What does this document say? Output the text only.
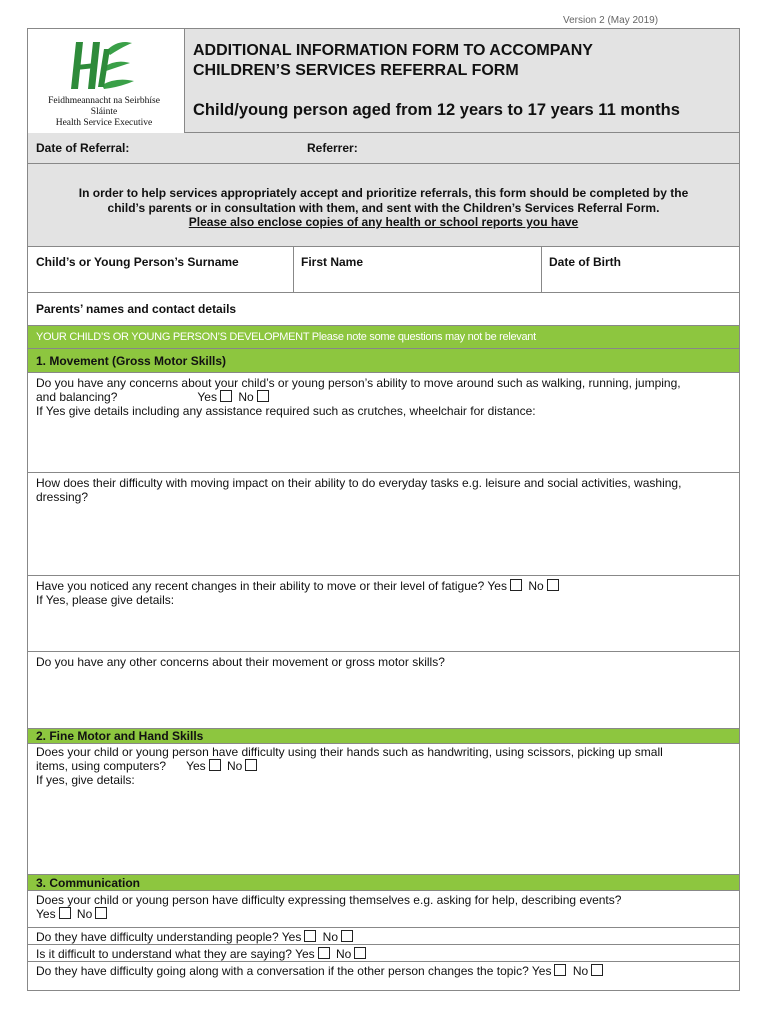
Version 2 (May 2019)
Feidhmeannacht na Seirbhíse Sláinte
Health Service Executive
ADDITIONAL INFORMATION FORM TO ACCOMPANY
CHILDREN’S SERVICES REFERRAL FORM
Child/young person aged from 12 years to 17 years 11 months
Date of Referral:	Referrer:
In order to help services appropriately accept and prioritize referrals, this form should be completed by the
child’s parents or in consultation with them, and sent with the Children’s Services Referral Form.
Please also enclose copies of any health or school reports you have
Child’s or Young Person’s Surname	First Name	Date of Birth
Parents’ names and contact details
YOUR CHILD’S OR YOUNG PERSON’S DEVELOPMENT Please note some questions may not be relevant
1. Movement (Gross Motor Skills)
Do you have any concerns about your child’s or young person’s ability to move around such as walking, running, jumping,
and balancing?	Yes No
If Yes give details including any assistance required such as crutches, wheelchair for distance:
How does their difficulty with moving impact on their ability to do everyday tasks e.g. leisure and social activities, washing,
dressing?
Have you noticed any recent changes in their ability to move or their level of fatigue? Yes No
If Yes, please give details:
Do you have any other concerns about their movement or gross motor skills?
2. Fine Motor and Hand Skills
Does your child or young person have difficulty using their hands such as handwriting, using scissors, picking up small
items, using computers? Yes No
If yes, give details:
3. Communication
Does your child or young person have difficulty expressing themselves e.g. asking for help, describing events?
Yes No
Do they have difficulty understanding people? Yes No
Is it difficult to understand what they are saying? Yes No
Do they have difficulty going along with a conversation if the other person changes the topic? Yes No
